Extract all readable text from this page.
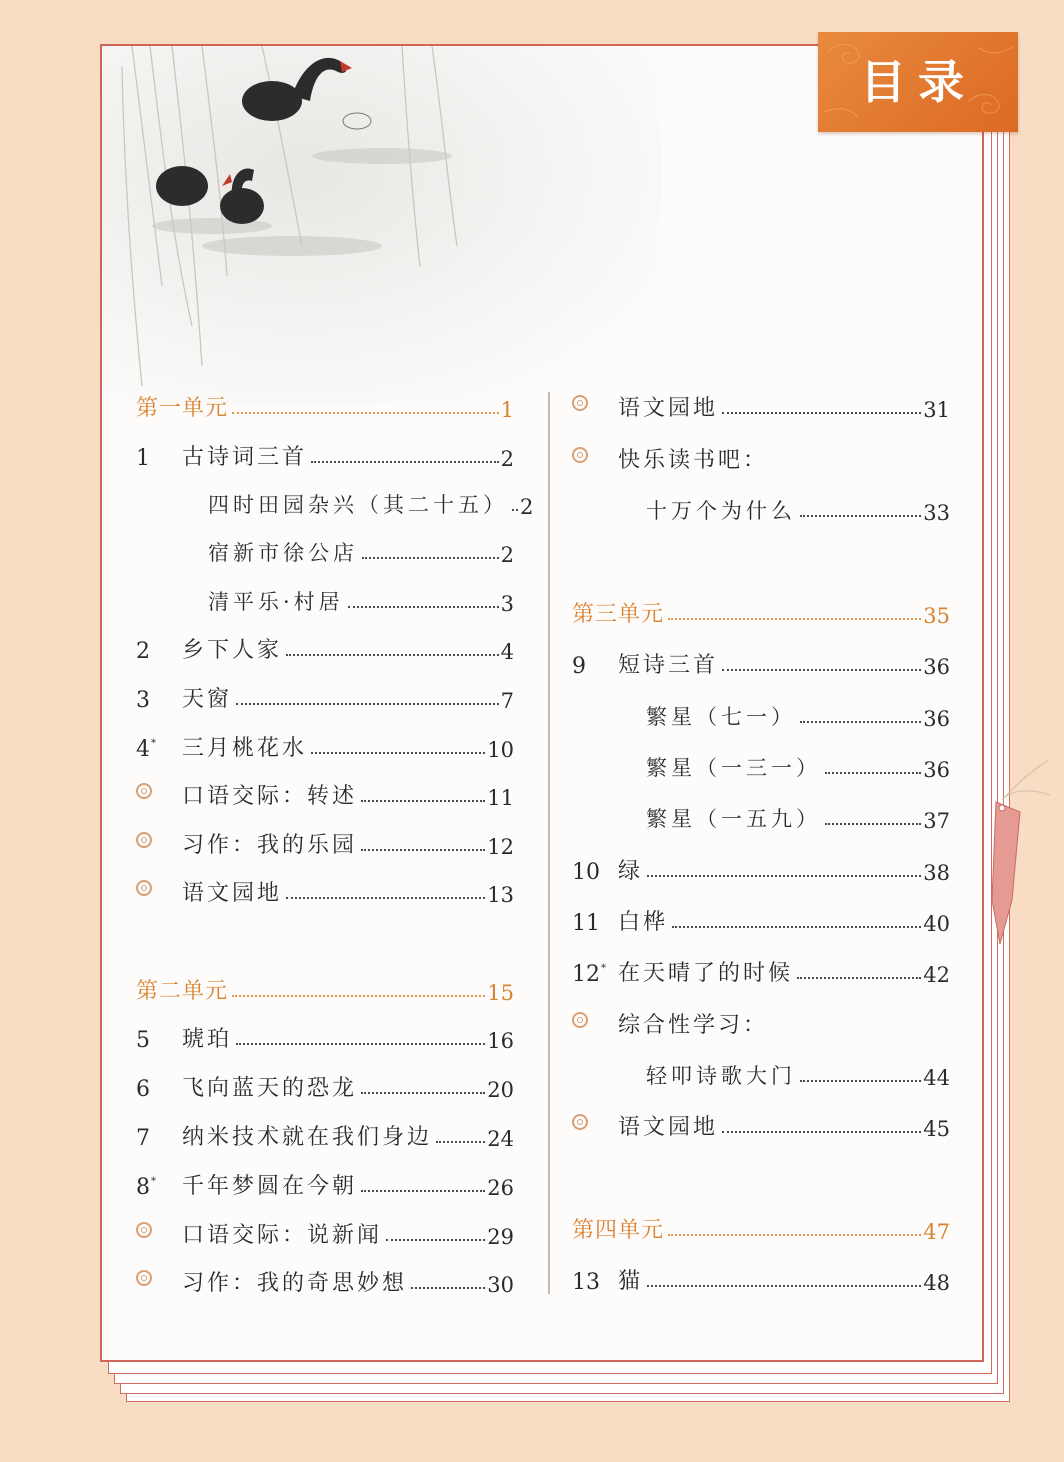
目录
第一单元	1
1	古诗词三首	2
四时田园杂兴（其二十五） 2
宿新市徐公店	2
清平乐·村居	3
2	乡下人家	4
3	天窗	7
4*	三月桃花水	10
口语交际：转述	11
习作：我的乐园	12
语文园地	13
第二单元	15
5	琥珀	16
6	飞向蓝天的恐龙	20
7	纳米技术就在我们身边	24
8*	千年梦圆在今朝	26
口语交际：说新闻	29
习作：我的奇思妙想	30
语文园地	31
快乐读书吧：
十万个为什么	33
第三单元	35
9	短诗三首	36
繁星（七一）	36
繁星（一三一）	36
繁星（一五九）	37
10 绿	38
11 白桦	40
12* 在天晴了的时候	42
综合性学习：
轻叩诗歌大门	44
语文园地	45
第四单元	47
13 猫	48
